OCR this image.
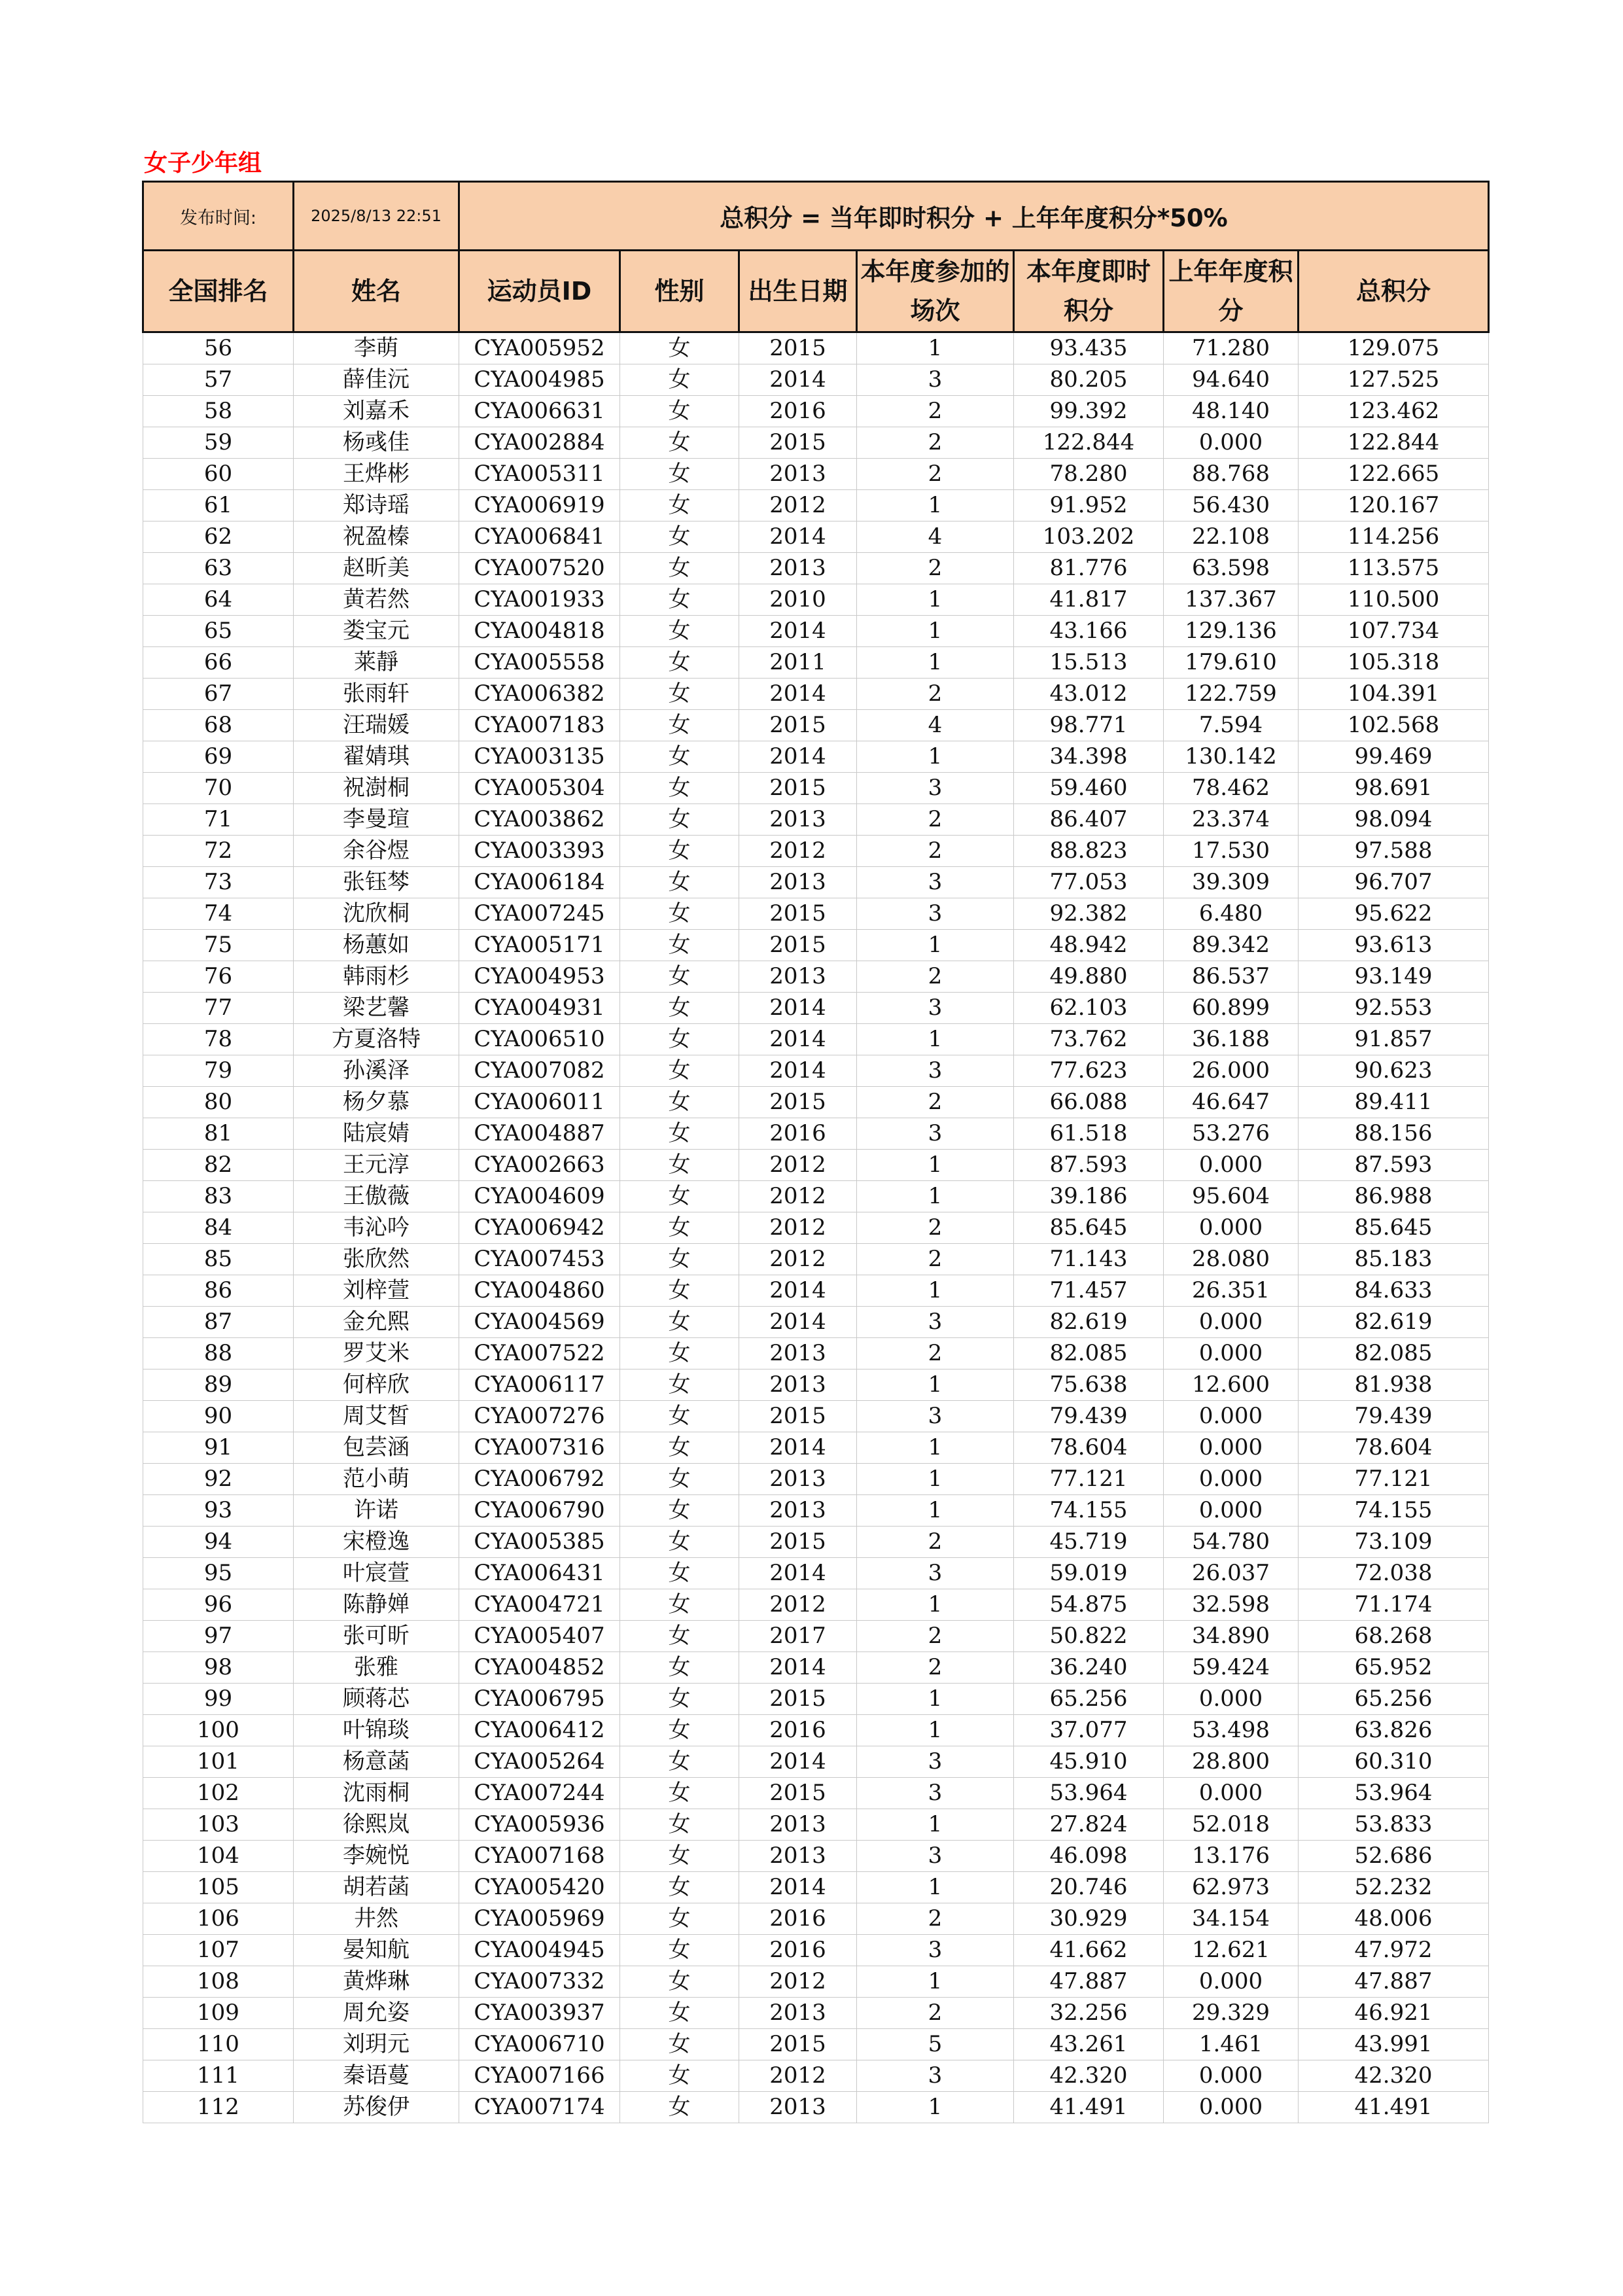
女子少年组
发布时间:	2025/8/13 22:51	总积分 = 当年即时积分 + 上年年度积分*50%						
全国排名	姓名	运动员ID	性别	出生日期	本年度参加的场次	本年度即时积分	上年年度积分	总积分
56	李萌	CYA005952	女	2015	1	93.435	71.280	129.075
57	薛佳沅	CYA004985	女	2014	3	80.205	94.640	127.525
58	刘嘉禾	CYA006631	女	2016	2	99.392	48.140	123.462
59	杨彧佳	CYA002884	女	2015	2	122.844	0.000	122.844
60	王烨彬	CYA005311	女	2013	2	78.280	88.768	122.665
61	郑诗瑶	CYA006919	女	2012	1	91.952	56.430	120.167
62	祝盈榛	CYA006841	女	2014	4	103.202	22.108	114.256
63	赵昕美	CYA007520	女	2013	2	81.776	63.598	113.575
64	黄若然	CYA001933	女	2010	1	41.817	137.367	110.500
65	娄宝元	CYA004818	女	2014	1	43.166	129.136	107.734
66	莱靜	CYA005558	女	2011	1	15.513	179.610	105.318
67	张雨轩	CYA006382	女	2014	2	43.012	122.759	104.391
68	汪瑞媛	CYA007183	女	2015	4	98.771	7.594	102.568
69	翟婧琪	CYA003135	女	2014	1	34.398	130.142	99.469
70	祝澍桐	CYA005304	女	2015	3	59.460	78.462	98.691
71	李曼瑄	CYA003862	女	2013	2	86.407	23.374	98.094
72	余谷煜	CYA003393	女	2012	2	88.823	17.530	97.588
73	张钰棽	CYA006184	女	2013	3	77.053	39.309	96.707
74	沈欣桐	CYA007245	女	2015	3	92.382	6.480	95.622
75	杨蕙如	CYA005171	女	2015	1	48.942	89.342	93.613
76	韩雨杉	CYA004953	女	2013	2	49.880	86.537	93.149
77	梁艺馨	CYA004931	女	2014	3	62.103	60.899	92.553
78	方夏洛特	CYA006510	女	2014	1	73.762	36.188	91.857
79	孙溪泽	CYA007082	女	2014	3	77.623	26.000	90.623
80	杨夕慕	CYA006011	女	2015	2	66.088	46.647	89.411
81	陆宸婧	CYA004887	女	2016	3	61.518	53.276	88.156
82	王元淳	CYA002663	女	2012	1	87.593	0.000	87.593
83	王傲薇	CYA004609	女	2012	1	39.186	95.604	86.988
84	韦沁吟	CYA006942	女	2012	2	85.645	0.000	85.645
85	张欣然	CYA007453	女	2012	2	71.143	28.080	85.183
86	刘梓萱	CYA004860	女	2014	1	71.457	26.351	84.633
87	金允熙	CYA004569	女	2014	3	82.619	0.000	82.619
88	罗艾米	CYA007522	女	2013	2	82.085	0.000	82.085
89	何梓欣	CYA006117	女	2013	1	75.638	12.600	81.938
90	周艾皙	CYA007276	女	2015	3	79.439	0.000	79.439
91	包芸涵	CYA007316	女	2014	1	78.604	0.000	78.604
92	范小萌	CYA006792	女	2013	1	77.121	0.000	77.121
93	许诺	CYA006790	女	2013	1	74.155	0.000	74.155
94	宋橙逸	CYA005385	女	2015	2	45.719	54.780	73.109
95	叶宸萱	CYA006431	女	2014	3	59.019	26.037	72.038
96	陈静婵	CYA004721	女	2012	1	54.875	32.598	71.174
97	张可昕	CYA005407	女	2017	2	50.822	34.890	68.268
98	张雅	CYA004852	女	2014	2	36.240	59.424	65.952
99	顾蒋芯	CYA006795	女	2015	1	65.256	0.000	65.256
100	叶锦琰	CYA006412	女	2016	1	37.077	53.498	63.826
101	杨意菡	CYA005264	女	2014	3	45.910	28.800	60.310
102	沈雨桐	CYA007244	女	2015	3	53.964	0.000	53.964
103	徐熙岚	CYA005936	女	2013	1	27.824	52.018	53.833
104	李婉悦	CYA007168	女	2013	3	46.098	13.176	52.686
105	胡若菡	CYA005420	女	2014	1	20.746	62.973	52.232
106	井然	CYA005969	女	2016	2	30.929	34.154	48.006
107	晏知航	CYA004945	女	2016	3	41.662	12.621	47.972
108	黄烨琳	CYA007332	女	2012	1	47.887	0.000	47.887
109	周允姿	CYA003937	女	2013	2	32.256	29.329	46.921
110	刘玥元	CYA006710	女	2015	5	43.261	1.461	43.991
111	秦语蔓	CYA007166	女	2012	3	42.320	0.000	42.320
112	苏俊伊	CYA007174	女	2013	1	41.491	0.000	41.491
